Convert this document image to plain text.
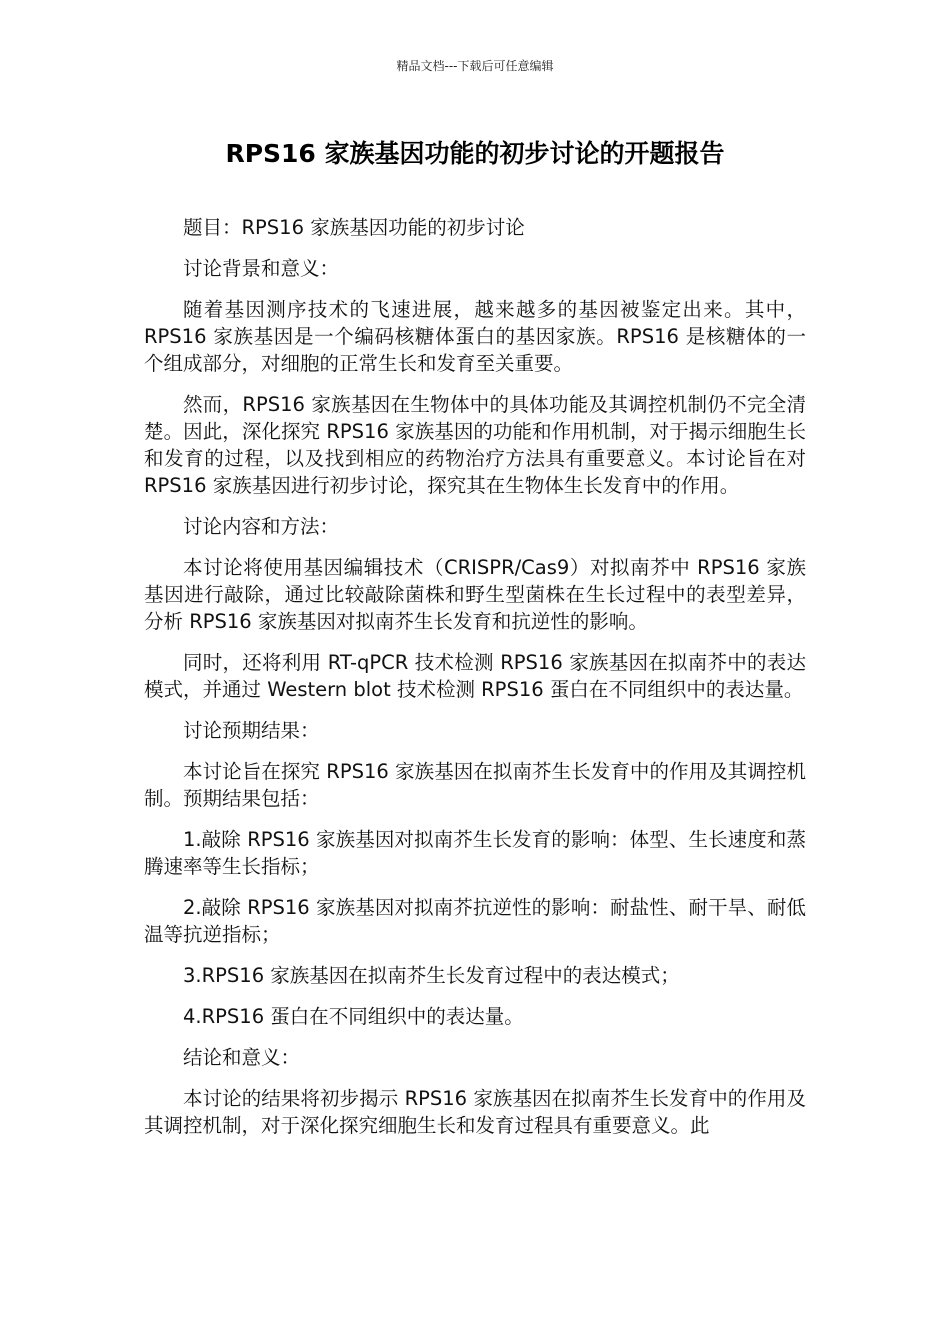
精品文档---下载后可任意编辑
RPS16 家族基因功能的初步讨论的开题报告

题目：RPS16 家族基因功能的初步讨论

讨论背景和意义：

随着基因测序技术的飞速进展，越来越多的基因被鉴定出来。其中，RPS16 家族基因是一个编码核糖体蛋白的基因家族。RPS16 是核糖体的一个组成部分，对细胞的正常生长和发育至关重要。

然而，RPS16 家族基因在生物体中的具体功能及其调控机制仍不完全清楚。因此，深化探究 RPS16 家族基因的功能和作用机制，对于揭示细胞生长和发育的过程，以及找到相应的药物治疗方法具有重要意义。本讨论旨在对 RPS16 家族基因进行初步讨论，探究其在生物体生长发育中的作用。

讨论内容和方法：

本讨论将使用基因编辑技术（CRISPR/Cas9）对拟南芥中 RPS16 家族基因进行敲除，通过比较敲除菌株和野生型菌株在生长过程中的表型差异，分析 RPS16 家族基因对拟南芥生长发育和抗逆性的影响。

同时，还将利用 RT-qPCR 技术检测 RPS16 家族基因在拟南芥中的表达模式，并通过 Western blot 技术检测 RPS16 蛋白在不同组织中的表达量。

讨论预期结果：

本讨论旨在探究 RPS16 家族基因在拟南芥生长发育中的作用及其调控机制。预期结果包括：

1.敲除 RPS16 家族基因对拟南芥生长发育的影响：体型、生长速度和蒸腾速率等生长指标；

2.敲除 RPS16 家族基因对拟南芥抗逆性的影响：耐盐性、耐干旱、耐低温等抗逆指标；

3.RPS16 家族基因在拟南芥生长发育过程中的表达模式；

4.RPS16 蛋白在不同组织中的表达量。

结论和意义：

本讨论的结果将初步揭示 RPS16 家族基因在拟南芥生长发育中的作用及其调控机制，对于深化探究细胞生长和发育过程具有重要意义。此
